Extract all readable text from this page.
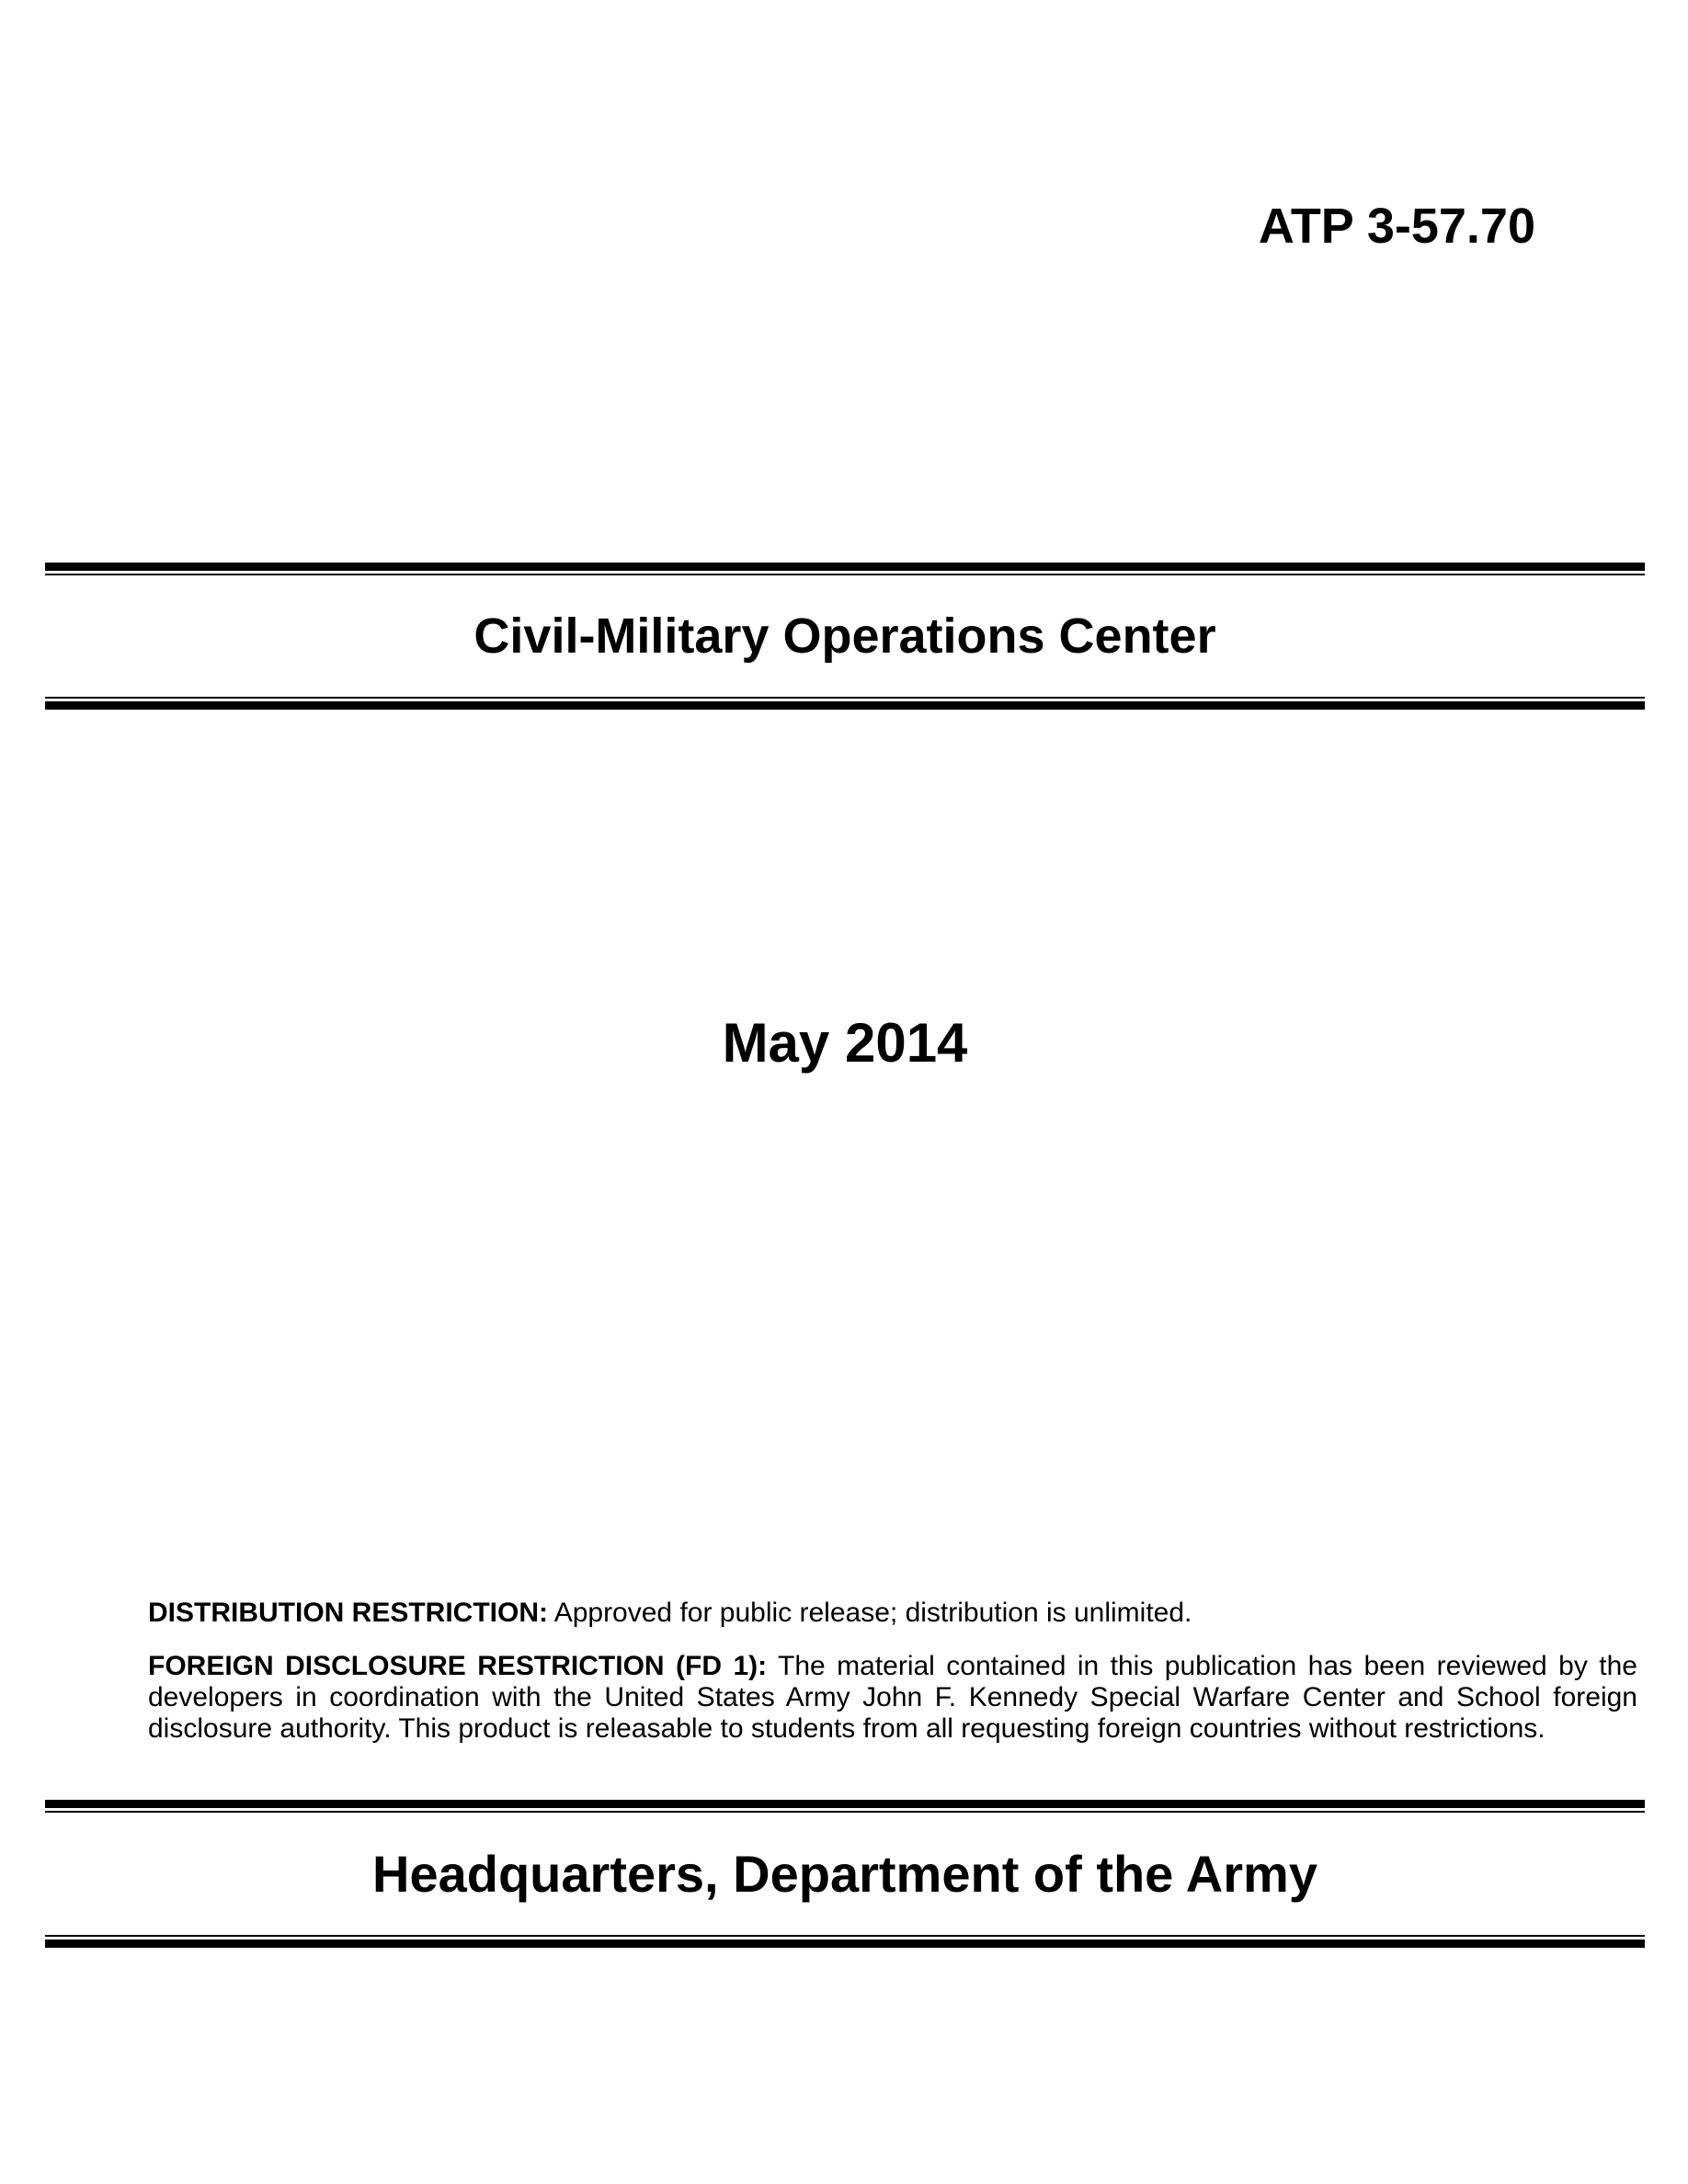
ATP 3-57.70
Civil-Military Operations Center
May 2014

DISTRIBUTION RESTRICTION: Approved for public release; distribution is unlimited.

FOREIGN DISCLOSURE RESTRICTION (FD 1): The material contained in this publication has been reviewed by the developers in coordination with the United States Army John F. Kennedy Special Warfare Center and School foreign disclosure authority. This product is releasable to students from all requesting foreign countries without restrictions.

Headquarters, Department of the Army
